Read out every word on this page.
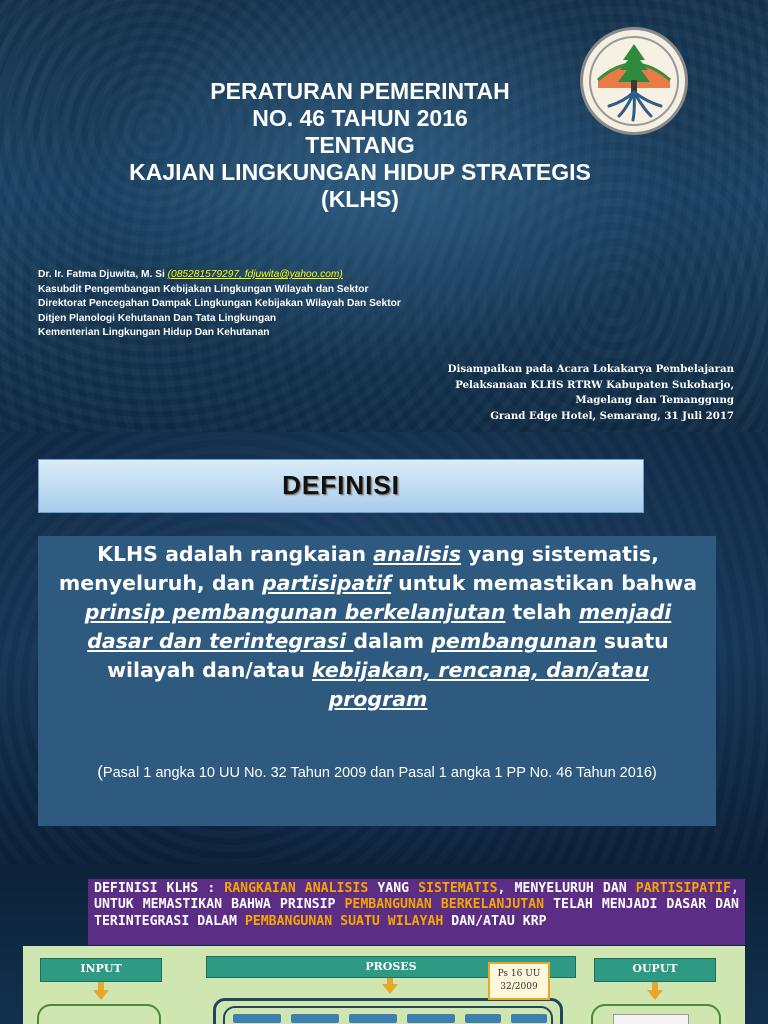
PERATURAN PEMERINTAH
NO. 46 TAHUN 2016
TENTANG
KAJIAN LINGKUNGAN HIDUP STRATEGIS
(KLHS)
Dr. Ir. Fatma Djuwita, M. Si (085281579297, fdjuwita@yahoo.com)
Kasubdit Pengembangan Kebijakan Lingkungan Wilayah dan Sektor
Direktorat Pencegahan Dampak Lingkungan Kebijakan Wilayah Dan Sektor
Ditjen Planologi Kehutanan Dan Tata Lingkungan
Kementerian Lingkungan Hidup Dan Kehutanan
Disampaikan pada Acara Lokakarya Pembelajaran
Pelaksanaan KLHS RTRW Kabupaten Sukoharjo,
Magelang dan Temanggung
Grand Edge Hotel, Semarang, 31 Juli 2017
DEFINISI
KLHS adalah rangkaian analisis yang sistematis, menyeluruh, dan partisipatif untuk memastikan bahwa prinsip pembangunan berkelanjutan telah menjadi dasar dan terintegrasi dalam pembangunan suatu wilayah dan/atau kebijakan, rencana, dan/atau program
(Pasal 1 angka 10 UU No. 32 Tahun 2009 dan Pasal 1 angka 1 PP No. 46 Tahun 2016)
DEFINISI KLHS : RANGKAIAN ANALISIS YANG SISTEMATIS, MENYELURUH DAN PARTISIPATIF, UNTUK MEMASTIKAN BAHWA PRINSIP PEMBANGUNAN BERKELANJUTAN TELAH MENJADI DASAR DAN TERINTEGRASI DALAM PEMBANGUNAN SUATU WILAYAH DAN/ATAU KRP
INPUT	PROSES
Ps 16 UU
32/2009
OUPUT
